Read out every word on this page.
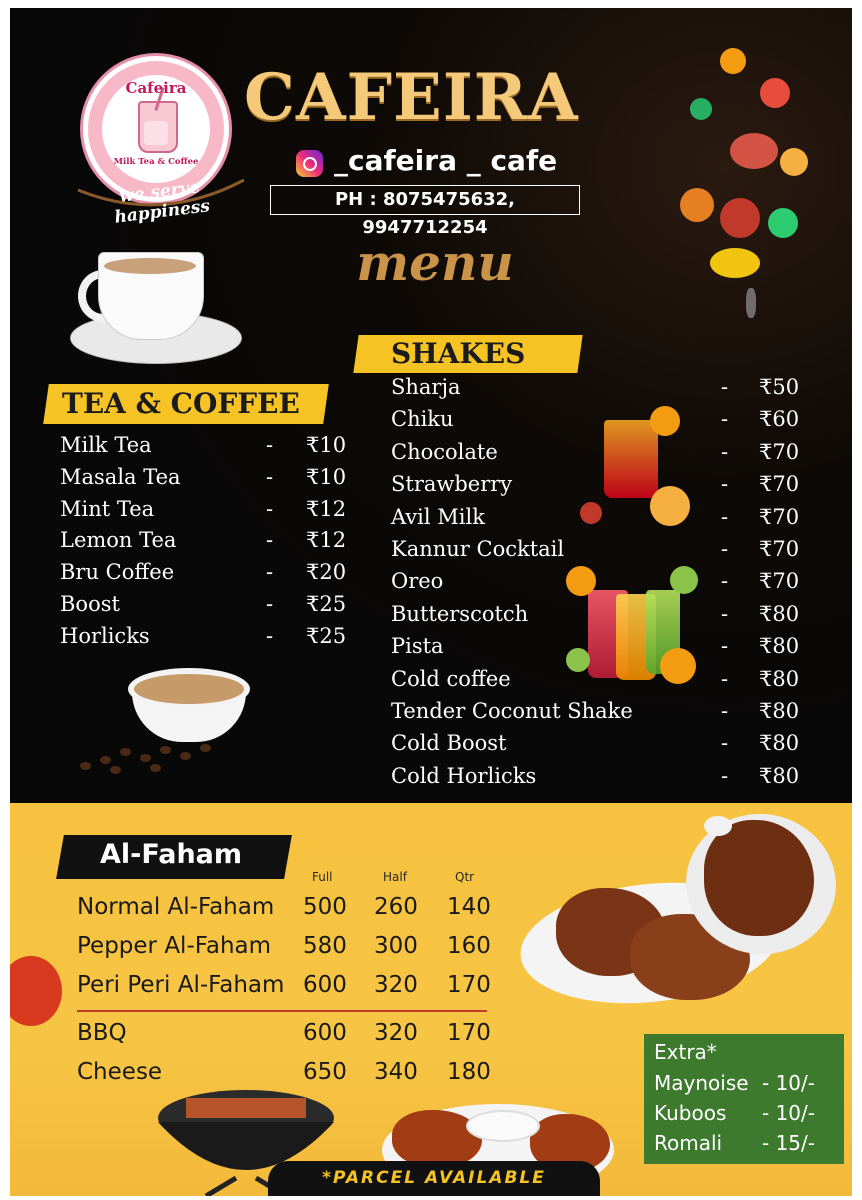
Cafeira
Milk Tea & Coffee
we serve happiness
CAFEIRA
_cafeira _ cafe
PH : 8075475632, 9947712254
menu
TEA & COFFEE
Milk Tea	- ₹10
Masala Tea	- ₹10
Mint Tea	- ₹12
Lemon Tea	- ₹12
Bru Coffee	- ₹20
Boost	- ₹25
Horlicks	- ₹25
SHAKES
Sharja	- ₹50
Chiku	- ₹60
Chocolate	- ₹70
Strawberry	- ₹70
Avil Milk	- ₹70
Kannur Cocktail	- ₹70
Oreo	- ₹70
Butterscotch	- ₹80
Pista	- ₹80
Cold coffee	- ₹80
Tender Coconut Shake	- ₹80
Cold Boost	- ₹80
Cold Horlicks	- ₹80
Al-Faham
Full	Half	Qtr
Normal Al-Faham 500 260 140
Pepper Al-Faham 580 300 160
Peri Peri Al-Faham 600 320 170
BBQ	600 320 170
Cheese	650 340 180
Extra*
Maynoise - 10/-
Kuboos - 10/-
Romali - 15/-
*PARCEL AVAILABLE
